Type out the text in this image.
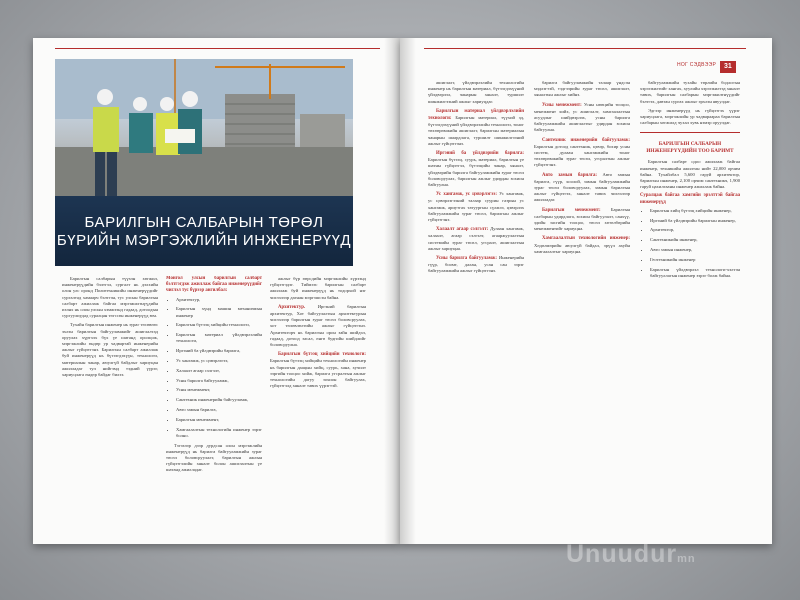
НОГ СЭДВЭЭР	31
БАРИЛГЫН САЛБАРЫН ТӨРӨЛ
БҮРИЙН МЭРГЭЖЛИЙН ИНЖЕНЕРҮҮД

Барилгын салбарын түүхэн хөгжил, инженерүүдийн бэлтгэл, сургалт нь дэлхийн олон улс оронд Политехникийн инженерүүдийг сургалтад хамаарч бэлтгэн, тус улсын барилгын салбарт ажиллаж байгаа мэргэжилтнүүдийн ихэнх нь олон улсын хэмжээнд гадаад, дотоодын сургуулиудад суралцан төгссөн инженерүүд юм.

Тухайн барилгын инженер нь зураг төсөвөөс эхлэн барилгын байгууламжийг ашиглалтад оруулах хүртэлх бүх үе шатанд оролцож, мэргэжлийн өндөр ур чадвартай инженерийн ажлыг гүйцэтгэнэ. Барилгын салбарт ажиллаж буй инженерүүд нь бүтээгдэхүүн, технологи, материалын чанар, аюулгүй байдлыг хариуцан ажилладаг тул нийгэмд тэдний үүрэг, хариуцлага өндөр байдаг билээ.

Монгол улсын барилгын салбарт бэлтгэгдэж ажиллаж байгаа инженерүүдийг чиглэл тус бүрээр ангилбал:
• Архитектур,
• Барилгын хүнд машин механизмын инженер
• Барилгын бүтээц хийцийн технологи,
• Барилгын материал үйлдвэрлэлийн технологи,
• Иргэний ба үйлдвэрийн барилга,
• Ус хангамж, ус цэвэрлэгээ,
• Халаалт агаар сэлгэлт,
• Усны барилга байгууламж,
• Усны менежмент,
• Сантехник инженерийн байгууламж,
• Авто замын барилга,
• Барилгын менежмент,
• Хамгаалалтын технологийн инженер зэрэг болно.

Тэгэхээр дээр дурдсан олон мэргэжлийн инженерүүд нь барилга байгууламжийн зураг төсөл боловсруулалт, барилгын ажлын гүйцэтгэлийн хяналт болон ашиглалтын үе шатанд ажилладаг.

ажлыг бүр өөрсдийн мэргэжлийн хүрээнд гүйцэтгэдэг. Тиймээс барилгын салбарт ажиллаж буй инженерүүд нь тодорхой нэг чиглэлээр дагнан мэргэшсэн байна.

Архитектур.	Иргэний барилгын архитектур, Хот байгуулалтын архитектурын чиглэлээр барилгын зураг төсөл боловсруулах, хот төлөвлөлтийн ажлыг гүйцэтгэнэ. Архитекторч нь барилгын орон зайн шийдэл, гадаад, дотоод засал, өнгө будгийн шийдлийг боловсруулна.

Барилгын бүтээц хийцийн технологи: Барилгын бүтээц хийцийн технологийн инженер нь барилгын даацын хийц, суурь, хана, хучилт зэргийн тооцоо хийж, барилга угсралтын ажлыг технологийн дагуу зохион байгуулах, гүйцэтгэлд хяналт тавих үүрэгтэй.

ашиглалт, үйлдвэрлэлийн технологийн инженер нь барилгын материал, бүтээгдэхүүний үйлдвэрлэл, чанарын хяналт, туршилт шинжилгээний ажлыг хариуцдаг.

Барилгын материал үйлдвэрлэлийн технологи: Барилгын материал, түүхий эд, бүтээгдэхүүний үйлдвэрлэлийн технологи, тоног төхөөрөмжийн ашиглалт, барилгын материалын чанарын шаардлага, туршилт шинжилгээний ажлыг гүйцэтгэнэ.

Иргэний ба үйлдвэрийн барилга: Барилгын бүтээц, суурь, материал, барилгын үе шатны гүйцэтгэл, бүтээцийн чанар, хяналт, үйлдвэрийн барилга байгууламжийн зураг төсөл боловсруулах, барилгын ажлыг удирдан зохион байгуулна.

Ус хангамж, ус цэвэрлэгээ: Ус хангамж, ус цэвэрлэгээний талаар суурин газрын ус хангамж, ариутгах татуургын сүлжээ, цэвэрлэх байгууламжийн зураг төсөл, барилгын ажлыг гүйцэтгэнэ.

Халаалт агаар сэлгэлт: Дулаан хангамж, халаалт, агаар сэлгэлт, агааржуулалтын системийн зураг төсөл, угсралт, ашиглалтын ажлыг хариуцна.

Усны барилга байгууламж: Инженерийн гүүр, боомт, далан, усан сан зэрэг байгууламжийн ажлыг гүйцэтгэнэ.

барилга байгууламжийн талаар үндсэн мэдлэгтэй, тэдгээрийн зураг төсөл, ашиглалт, хяналтын ажлыг хийнэ.

Усны менежмент: Усны нөөцийн тооцоо, менежмент хийх, ус ашиглалт, хамгаалалтын асуудлыг шийдвэрлэх, усны барилга байгууламжийн ашиглалтыг удирдан зохион байгуулна.

Сантехник инженерийн байгууламж: Барилгын дотоод сантехник, цэвэр, бохир усны систем, дулаан хангамжийн тоног төхөөрөмжийн зураг төсөл, угсралтын ажлыг гүйцэтгэнэ.

Авто замын барилга: Авто замын барилга, гүүр, хоолой, замын байгууламжийн зураг төсөл боловсруулах, замын барилгын ажлыг гүйцэтгэх, хяналт тавих чиглэлээр ажилладаг.

Барилгын менежмент: Барилгын салбарын удирдлага, зохион байгуулалт, санхүү, эдийн засгийн тооцоо, төсөл хөтөлбөрийн менежментийг хариуцна.

Хамгаалалтын технологийн инженер: Хөдөлмөрийн аюулгүй байдал, эрүүл ахуйн хамгаалалтыг хариуцна.

байгууламжийн тухайн төрлийн бодлогын хэрэгжилтийг хангах, хуулийн хэрэгжилтэд хяналт тавих, барилгын салбарын мэргэжилтнүүдийг бэлтгэх, давтан сургах ажлыг эрхлэн явуулдаг.

Эдгээр инженерүүд нь гүйцэтгэх үүрэг хариуцлага, мэргэжлийн ур чадвараараа барилгын салбарын хөгжилд чухал хувь нэмэр оруулдаг.

БАРИЛГЫН САЛБАРЫН ИНЖЕНЕРҮҮДИЙН ТОО БАРИМТ

Барилгын салбарт одоо ажиллаж байгаа инженер, техникийн ажилтан нийт 22,000 орчим байна. Тухайлбал 5,600 гаруй архитектор, барилгын инженер, 2,100 орчим сантехникч, 1,900 гаруй цахилгааны инженер ажиллаж байна.

Суралцаж байгаа хамгийн эрэлттэй байгаа инженерүүд
• Барилгын хийц бүтээц хийцийн инженер,
• Иргэний ба үйлдвэрийн барилгын инженер,
• Архитектор,
• Сантехникийн инженер,
• Авто замын инженер,
• Геотехникийн инженер
• Барилгын үйлдвэрлэл технологи-хэлтэн байгууллагын инженер зэрэг болж байна.
Unuudurmn
